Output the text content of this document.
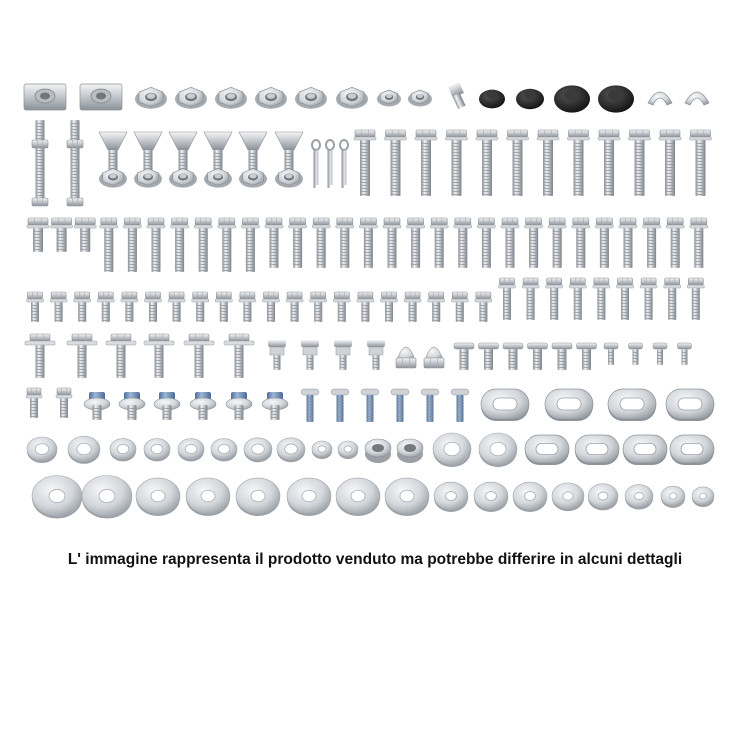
L' immagine rappresenta il prodotto venduto ma potrebbe differire in alcuni dettagli
